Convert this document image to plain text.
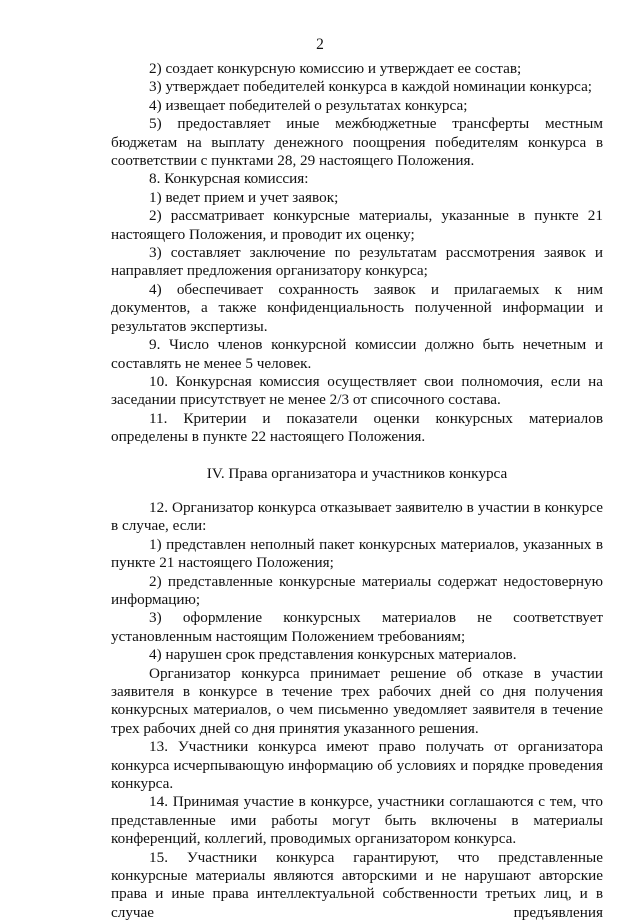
2

2) создает конкурсную комиссию и утверждает ее состав;

3) утверждает победителей конкурса в каждой номинации конкурса;

4) извещает победителей о результатах конкурса;

5) предоставляет иные межбюджетные трансферты местным бюджетам на выплату денежного поощрения победителям конкурса в соответствии с пунктами 28, 29 настоящего Положения.

8. Конкурсная комиссия:

1) ведет прием и учет заявок;

2) рассматривает конкурсные материалы, указанные в пункте 21 настоящего Положения, и проводит их оценку;

3) составляет заключение по результатам рассмотрения заявок и направляет предложения организатору конкурса;

4) обеспечивает сохранность заявок и прилагаемых к ним документов, а также конфиденциальность полученной информации и результатов экспертизы.

9. Число членов конкурсной комиссии должно быть нечетным и составлять не менее 5 человек.

10. Конкурсная комиссия осуществляет свои полномочия, если на заседании присутствует не менее 2/3 от списочного состава.

11. Критерии и показатели оценки конкурсных материалов определены в пункте 22 настоящего Положения.

IV. Права организатора и участников конкурса

12. Организатор конкурса отказывает заявителю в участии в конкурсе в случае, если:

1) представлен неполный пакет конкурсных материалов, указанных в пункте 21 настоящего Положения;

2) представленные конкурсные материалы содержат недостоверную информацию;

3) оформление конкурсных материалов не соответствует установленным настоящим Положением требованиям;

4) нарушен срок представления конкурсных материалов.

Организатор конкурса принимает решение об отказе в участии заявителя в конкурсе в течение трех рабочих дней со дня получения конкурсных материалов, о чем письменно уведомляет заявителя в течение трех рабочих дней со дня принятия указанного решения.

13. Участники конкурса имеют право получать от организатора конкурса исчерпывающую информацию об условиях и порядке проведения конкурса.

14. Принимая участие в конкурсе, участники соглашаются с тем, что представленные ими работы могут быть включены в материалы конференций, коллегий, проводимых организатором конкурса.

15. Участники конкурса гарантируют, что представленные конкурсные материалы являются авторскими и не нарушают авторские права и иные права интеллектуальной собственности третьих лиц, и в случае предъявления
